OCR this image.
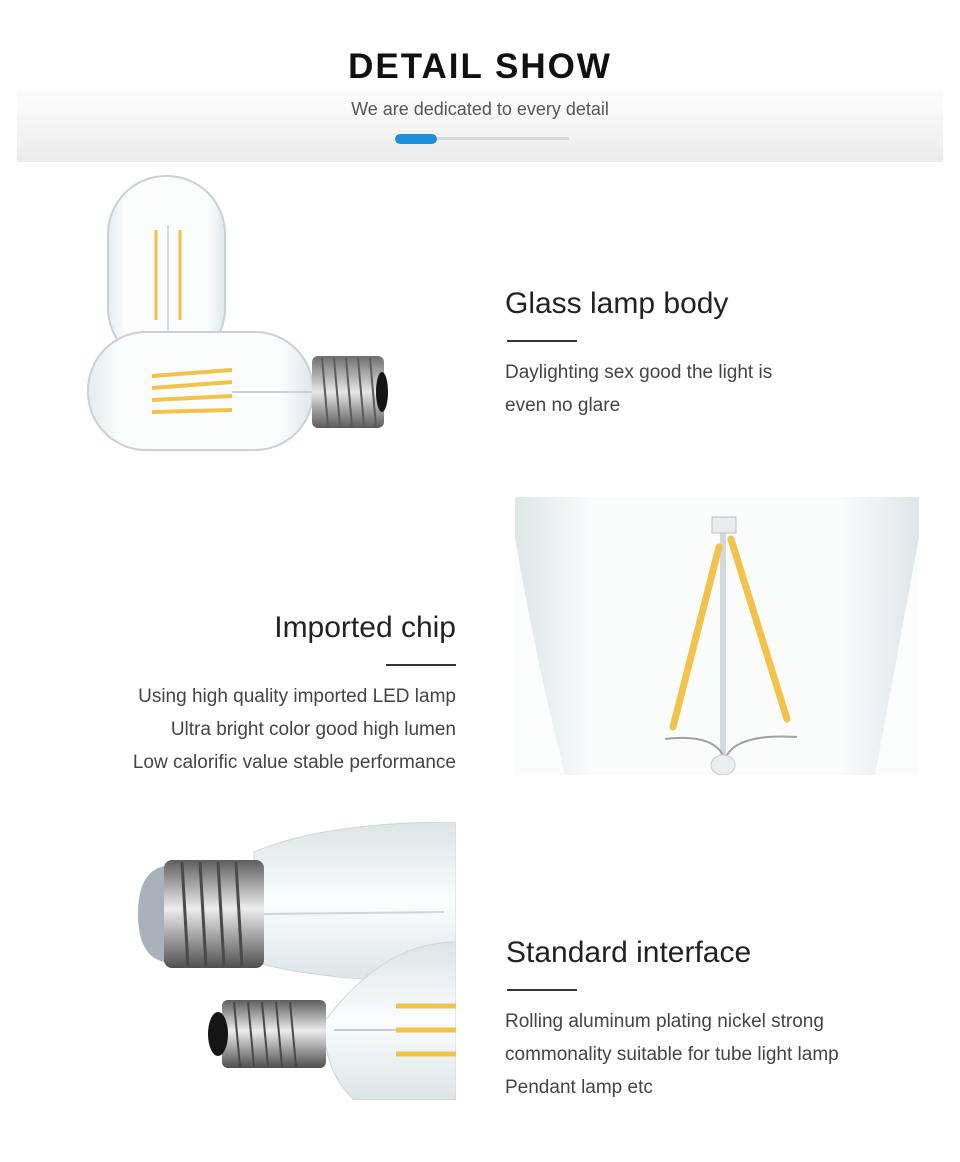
DETAIL SHOW
We are dedicated to every detail
Glass lamp body
Daylighting sex good the light is
even no glare
Imported chip
Using high quality imported LED lamp
Ultra bright color good high lumen
Low calorific value stable performance
Standard interface
Rolling aluminum plating nickel strong
commonality suitable for tube light lamp
Pendant lamp etc
